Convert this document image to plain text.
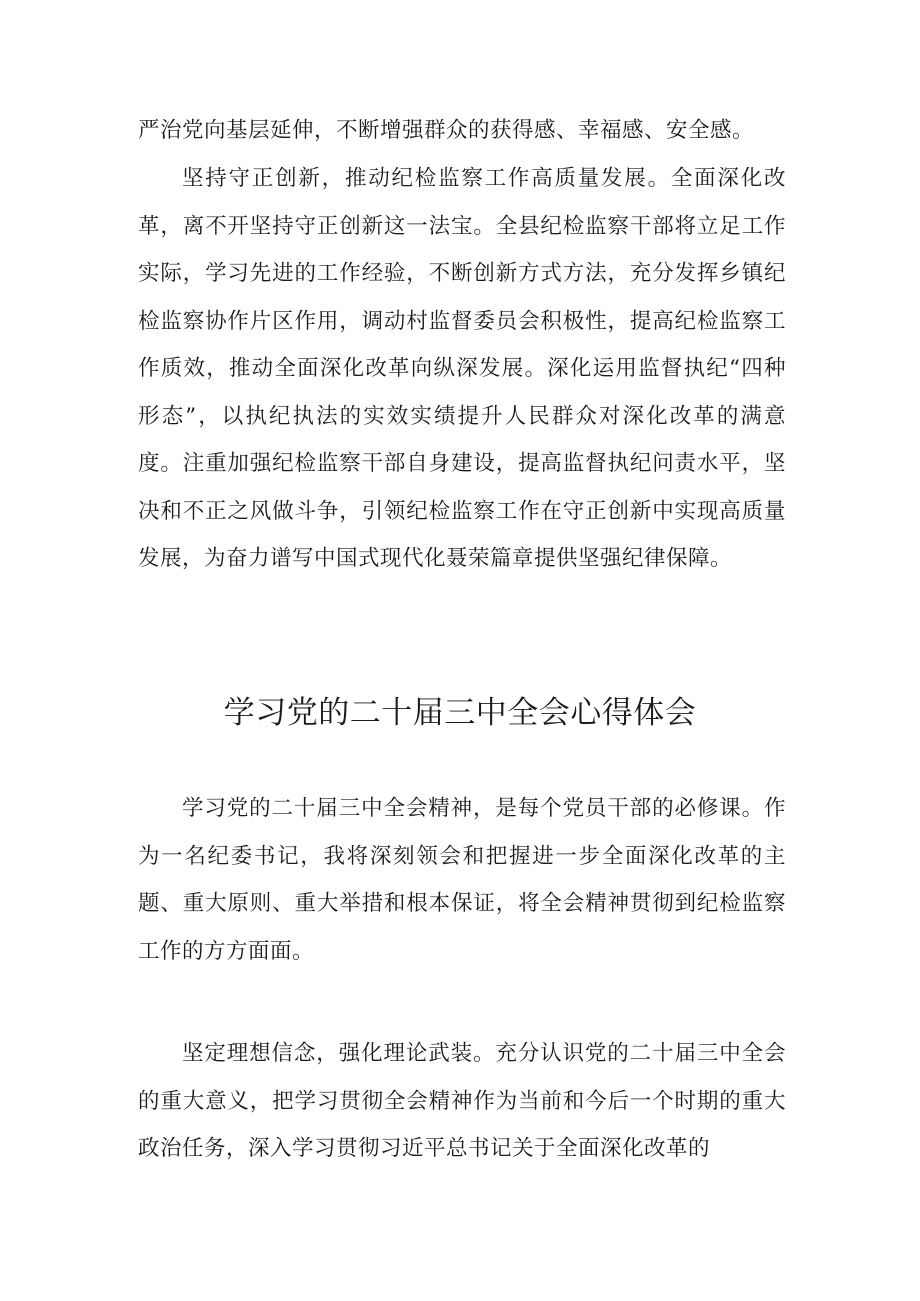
严治党向基层延伸，不断增强群众的获得感、幸福感、安全感。

坚持守正创新，推动纪检监察工作高质量发展。全面深化改革，离不开坚持守正创新这一法宝。全县纪检监察干部将立足工作实际，学习先进的工作经验，不断创新方式方法，充分发挥乡镇纪检监察协作片区作用，调动村监督委员会积极性，提高纪检监察工作质效，推动全面深化改革向纵深发展。深化运用监督执纪“四种形态”，以执纪执法的实效实绩提升人民群众对深化改革的满意度。注重加强纪检监察干部自身建设，提高监督执纪问责水平，坚决和不正之风做斗争，引领纪检监察工作在守正创新中实现高质量发展，为奋力谱写中国式现代化聂荣篇章提供坚强纪律保障。

学习党的二十届三中全会心得体会

学习党的二十届三中全会精神，是每个党员干部的必修课。作为一名纪委书记，我将深刻领会和把握进一步全面深化改革的主题、重大原则、重大举措和根本保证，将全会精神贯彻到纪检监察工作的方方面面。

坚定理想信念，强化理论武装。充分认识党的二十届三中全会的重大意义，把学习贯彻全会精神作为当前和今后一个时期的重大政治任务，深入学习贯彻习近平总书记关于全面深化改革的
